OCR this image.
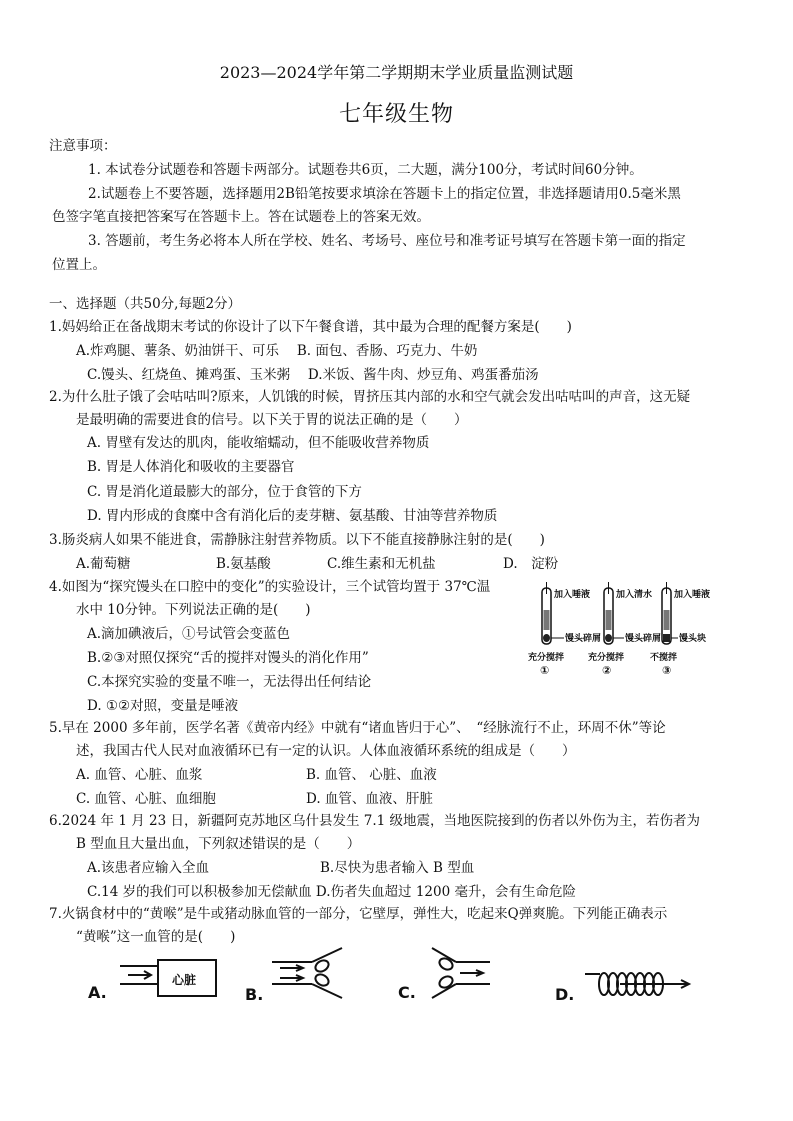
2023—2024学年第二学期期末学业质量监测试题
七年级生物
注意事项：
1. 本试卷分试题卷和答题卡两部分。试题卷共6页，二大题，满分100分，考试时间60分钟。
2.试题卷上不要答题，选择题用2B铅笔按要求填涂在答题卡上的指定位置，非选择题请用0.5毫米黑
色签字笔直接把答案写在答题卡上。答在试题卷上的答案无效。
3. 答题前，考生务必将本人所在学校、姓名、考场号、座位号和准考证号填写在答题卡第一面的指定
位置上。
一、选择题（共50分,每题2分）
1.妈妈给正在备战期末考试的你设计了以下午餐食谱，其中最为合理的配餐方案是(　　)
A.炸鸡腿、薯条、奶油饼干、可乐　 B. 面包、香肠、巧克力、牛奶
C.馒头、红烧鱼、摊鸡蛋、玉米粥　 D.米饭、酱牛肉、炒豆角、鸡蛋番茄汤
2.为什么肚子饿了会咕咕叫?原来，人饥饿的时候，胃挤压其内部的水和空气就会发出咕咕叫的声音，这无疑
是最明确的需要进食的信号。以下关于胃的说法正确的是（　　）
A. 胃壁有发达的肌肉，能收缩蠕动，但不能吸收营养物质
B. 胃是人体消化和吸收的主要器官
C. 胃是消化道最膨大的部分，位于食管的下方
D. 胃内形成的食糜中含有消化后的麦芽糖、氨基酸、甘油等营养物质
3.肠炎病人如果不能进食，需静脉注射营养物质。以下不能直接静脉注射的是(　　)
A.葡萄糖	B.氨基酸	C.维生素和无机盐	D.　淀粉
4.如图为“探究馒头在口腔中的变化”的实验设计，三个试管均置于 37℃温
水中 10分钟。下列说法正确的是(　　)
A.滴加碘液后，①号试管会变蓝色
B.②③对照仅探究“舌的搅拌对馒头的消化作用”
C.本探究实验的变量不唯一，无法得出任何结论
D. ①②对照，变量是唾液
加入唾液
馒头碎屑
充分搅拌
①
加入清水
馒头碎屑
充分搅拌
②
加入唾液
馒头块
不搅拌
③
5.早在 2000 多年前，医学名著《黄帝内经》中就有“诸血皆归于心”、　“经脉流行不止，环周不休”等论
述，我国古代人民对血液循环已有一定的认识。人体血液循环系统的组成是（　　）
A. 血管、心脏、血浆	B. 血管、 心脏、血液
C. 血管、心脏、血细胞	D. 血管、血液、肝脏
6.2024 年 1 月 23 日，新疆阿克苏地区乌什县发生 7.1 级地震，当地医院接到的伤者以外伤为主，若伤者为
B 型血且大量出血，下列叙述错误的是（　　）
A.该患者应输入全血	B.尽快为患者输入 B 型血
C.14 岁的我们可以积极参加无偿献血 D.伤者失血超过 1200 毫升，会有生命危险
7.火锅食材中的“黄喉”是牛或猪动脉血管的一部分，它壁厚，弹性大，吃起来Q弹爽脆。下列能正确表示
“黄喉”这一血管的是(　　)
A.
心脏
B.	C.	D.
